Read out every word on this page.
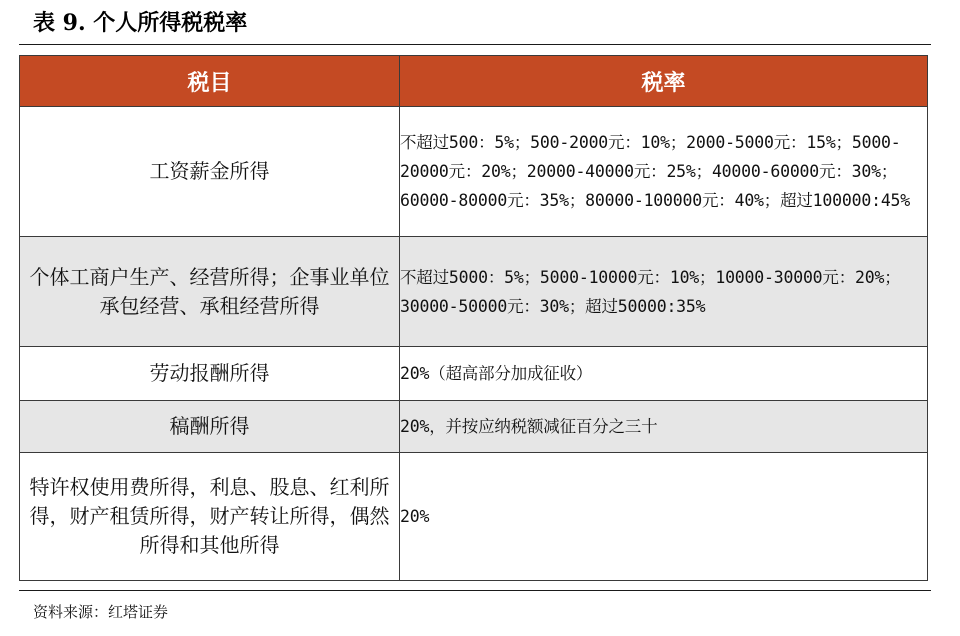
表 9. 个人所得税税率
税目	税率
工资薪金所得	不超过500：5%；500-2000元：10%；2000-5000元：15%；5000-20000元：20%；20000-40000元：25%；40000-60000元：30%；60000-80000元：35%；80000-100000元：40%；超过100000:45%
个体工商户生产、经营所得；企事业单位承包经营、承租经营所得	不超过5000：5%；5000-10000元：10%；10000-30000元：20%；30000-50000元：30%；超过50000:35%
劳动报酬所得	20%（超高部分加成征收）
稿酬所得	20%，并按应纳税额减征百分之三十
特许权使用费所得，利息、股息、红利所得，财产租赁所得，财产转让所得，偶然所得和其他所得	20%
资料来源：红塔证券
